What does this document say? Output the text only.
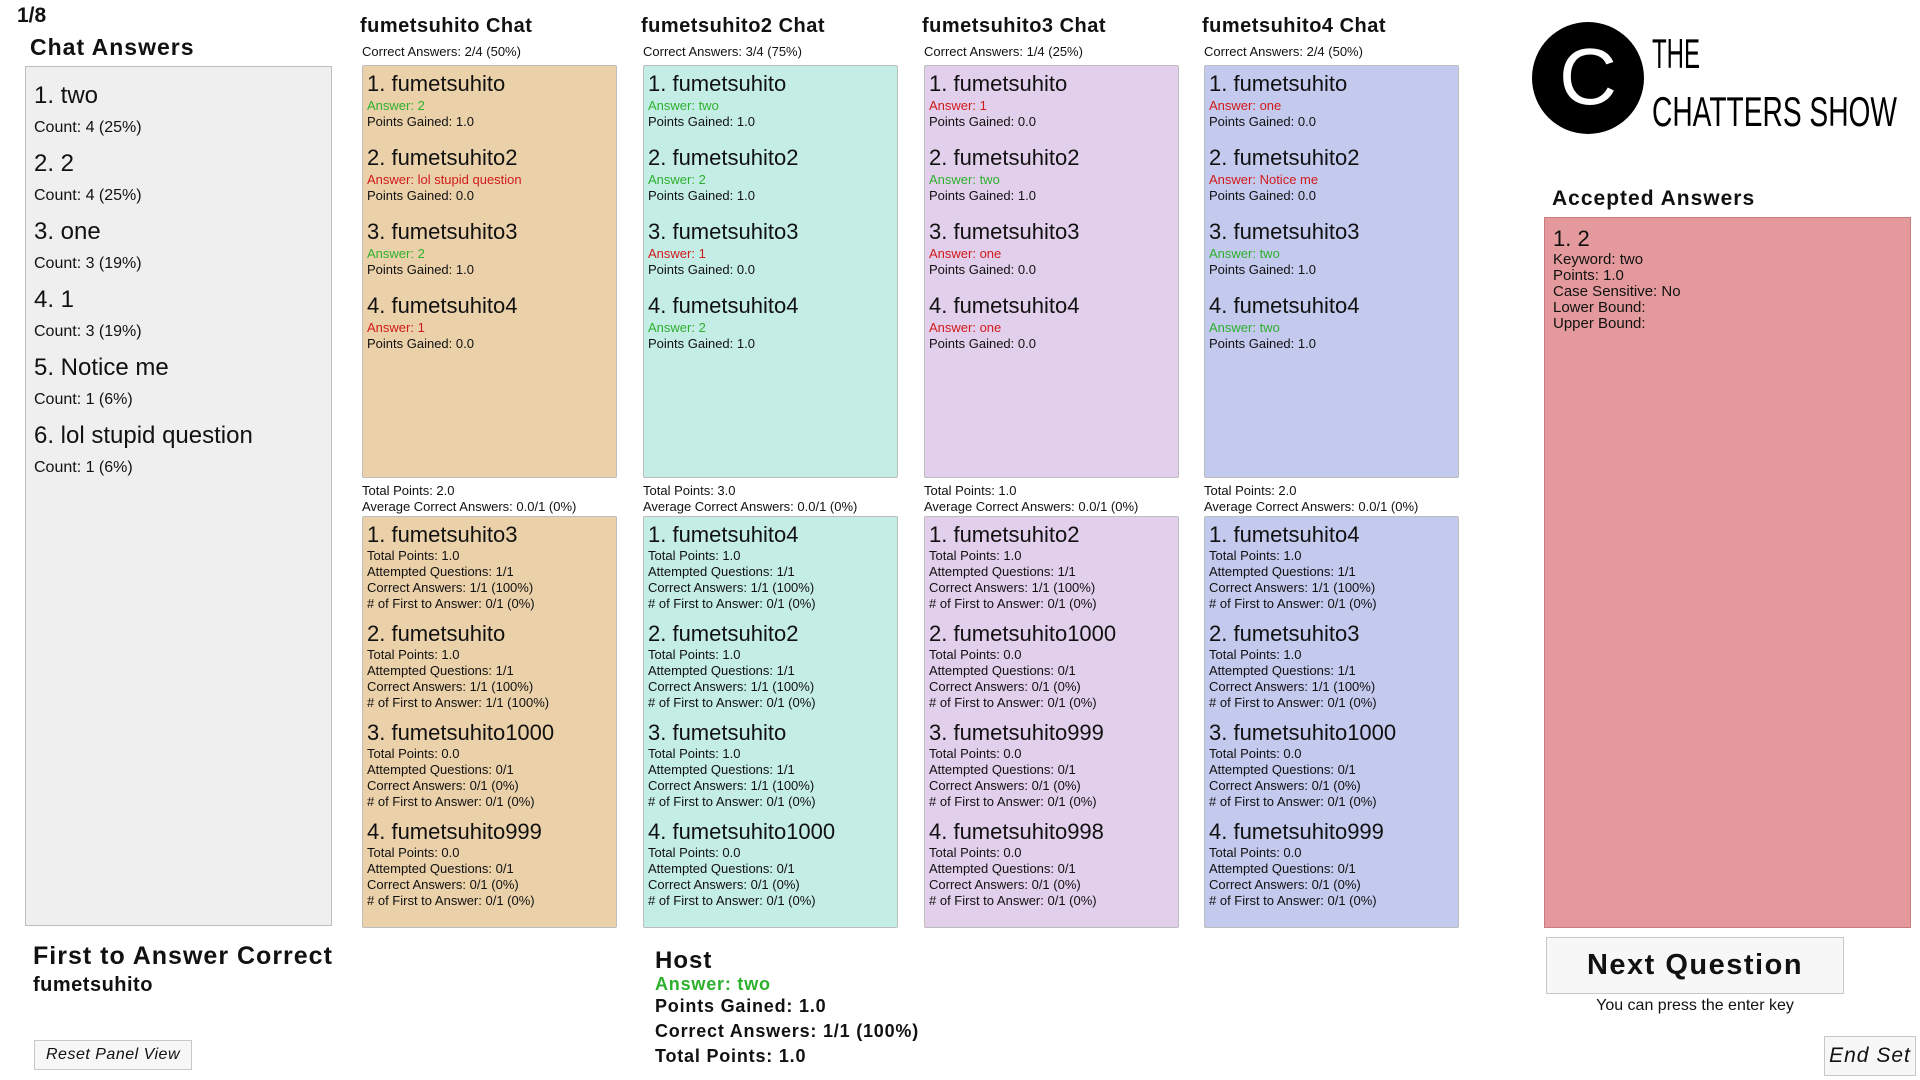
1/8
Chat Answers
1. two
Count: 4 (25%)
2. 2
Count: 4 (25%)
3. one
Count: 3 (19%)
4. 1
Count: 3 (19%)
5. Notice me
Count: 1 (6%)
6. lol stupid question
Count: 1 (6%)
fumetsuhito Chat
Correct Answers: 2/4 (50%)
1. fumetsuhito
Answer: 2
Points Gained: 1.0
2. fumetsuhito2
Answer: lol stupid question
Points Gained: 0.0
3. fumetsuhito3
Answer: 2
Points Gained: 1.0
4. fumetsuhito4
Answer: 1
Points Gained: 0.0
Total Points: 2.0
Average Correct Answers: 0.0/1 (0%)
1. fumetsuhito3
Total Points: 1.0
Attempted Questions: 1/1
Correct Answers: 1/1 (100%)
# of First to Answer: 0/1 (0%)
2. fumetsuhito
Total Points: 1.0
Attempted Questions: 1/1
Correct Answers: 1/1 (100%)
# of First to Answer: 1/1 (100%)
3. fumetsuhito1000
Total Points: 0.0
Attempted Questions: 0/1
Correct Answers: 0/1 (0%)
# of First to Answer: 0/1 (0%)
4. fumetsuhito999
Total Points: 0.0
Attempted Questions: 0/1
Correct Answers: 0/1 (0%)
# of First to Answer: 0/1 (0%)
fumetsuhito2 Chat
Correct Answers: 3/4 (75%)
1. fumetsuhito
Answer: two
Points Gained: 1.0
2. fumetsuhito2
Answer: 2
Points Gained: 1.0
3. fumetsuhito3
Answer: 1
Points Gained: 0.0
4. fumetsuhito4
Answer: 2
Points Gained: 1.0
Total Points: 3.0
Average Correct Answers: 0.0/1 (0%)
1. fumetsuhito4
Total Points: 1.0
Attempted Questions: 1/1
Correct Answers: 1/1 (100%)
# of First to Answer: 0/1 (0%)
2. fumetsuhito2
Total Points: 1.0
Attempted Questions: 1/1
Correct Answers: 1/1 (100%)
# of First to Answer: 0/1 (0%)
3. fumetsuhito
Total Points: 1.0
Attempted Questions: 1/1
Correct Answers: 1/1 (100%)
# of First to Answer: 0/1 (0%)
4. fumetsuhito1000
Total Points: 0.0
Attempted Questions: 0/1
Correct Answers: 0/1 (0%)
# of First to Answer: 0/1 (0%)
fumetsuhito3 Chat
Correct Answers: 1/4 (25%)
1. fumetsuhito
Answer: 1
Points Gained: 0.0
2. fumetsuhito2
Answer: two
Points Gained: 1.0
3. fumetsuhito3
Answer: one
Points Gained: 0.0
4. fumetsuhito4
Answer: one
Points Gained: 0.0
Total Points: 1.0
Average Correct Answers: 0.0/1 (0%)
1. fumetsuhito2
Total Points: 1.0
Attempted Questions: 1/1
Correct Answers: 1/1 (100%)
# of First to Answer: 0/1 (0%)
2. fumetsuhito1000
Total Points: 0.0
Attempted Questions: 0/1
Correct Answers: 0/1 (0%)
# of First to Answer: 0/1 (0%)
3. fumetsuhito999
Total Points: 0.0
Attempted Questions: 0/1
Correct Answers: 0/1 (0%)
# of First to Answer: 0/1 (0%)
4. fumetsuhito998
Total Points: 0.0
Attempted Questions: 0/1
Correct Answers: 0/1 (0%)
# of First to Answer: 0/1 (0%)
fumetsuhito4 Chat
Correct Answers: 2/4 (50%)
1. fumetsuhito
Answer: one
Points Gained: 0.0
2. fumetsuhito2
Answer: Notice me
Points Gained: 0.0
3. fumetsuhito3
Answer: two
Points Gained: 1.0
4. fumetsuhito4
Answer: two
Points Gained: 1.0
Total Points: 2.0
Average Correct Answers: 0.0/1 (0%)
1. fumetsuhito4
Total Points: 1.0
Attempted Questions: 1/1
Correct Answers: 1/1 (100%)
# of First to Answer: 0/1 (0%)
2. fumetsuhito3
Total Points: 1.0
Attempted Questions: 1/1
Correct Answers: 1/1 (100%)
# of First to Answer: 0/1 (0%)
3. fumetsuhito1000
Total Points: 0.0
Attempted Questions: 0/1
Correct Answers: 0/1 (0%)
# of First to Answer: 0/1 (0%)
4. fumetsuhito999
Total Points: 0.0
Attempted Questions: 0/1
Correct Answers: 0/1 (0%)
# of First to Answer: 0/1 (0%)
C THE
CHATTERS SHOW
Accepted Answers
1. 2
Keyword: two
Points: 1.0
Case Sensitive: No
Lower Bound:
Upper Bound:
Next Question
You can press the enter key
End Set
First to Answer Correct
fumetsuhito
Reset Panel View
Host
Answer: two
Points Gained: 1.0
Correct Answers: 1/1 (100%)
Total Points: 1.0
